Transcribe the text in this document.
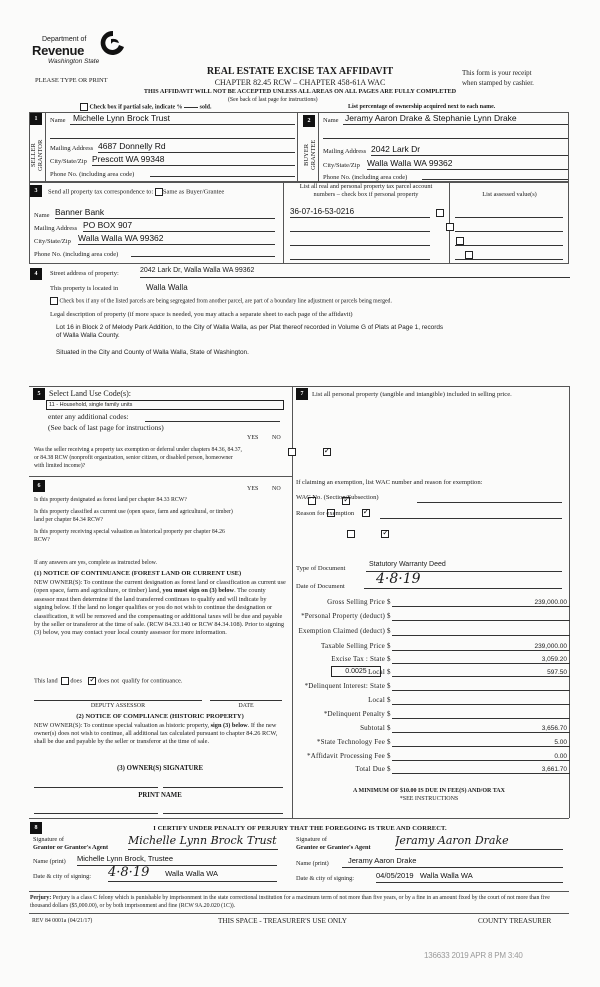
Department of
Revenue
Washington State
PLEASE TYPE OR PRINT
REAL ESTATE EXCISE TAX AFFIDAVIT
CHAPTER 82.45 RCW – CHAPTER 458-61A WAC
This form is your receipt
when stamped by cashier.
THIS AFFIDAVIT WILL NOT BE ACCEPTED UNLESS ALL AREAS ON ALL PAGES ARE FULLY COMPLETED
(See back of last page for instructions)
Check box if partial sale, indicate %	sold.	List percentage of ownership acquired next to each name.
1
SELLER
GRANTOR
Name Michelle Lynn Brock Trust
Mailing Address 4687 Donnelly Rd
City/State/Zip Prescott WA 99348
Phone No. (including area code)
2
BUYER
GRANTEE
Name Jeramy Aaron Drake & Stephanie Lynn Drake
Mailing Address 2042 Lark Dr
City/State/Zip Walla Walla WA 99362
Phone No. (including area code)
3	Send all property tax correspondence to: Same as Buyer/Grantee
Name Banner Bank
Mailing Address PO BOX 907
City/State/Zip Walla Walla WA 99362
Phone No. (including area code)
List all real and personal property tax parcel account
numbers – check box if personal property	List assessed value(s)
36-07-16-53-0216

4	Street address of property:	2042 Lark Dr, Walla Walla WA 99362
This property is located in	Walla Walla
Check box if any of the listed parcels are being segregated from another parcel, are part of a boundary line adjustment or parcels being merged.
Legal description of property (if more space is needed, you may attach a separate sheet to each page of the affidavit)
Lot 16 in Block 2 of Melody Park Addition, to the City of Walla Walla, as per Plat thereof recorded in Volume G of Plats at Page 1, records
of Walla Walla County.
Situated in the City and County of Walla Walla, State of Washington.
5	Select Land Use Code(s):
11 - Household, single family units
enter any additional codes:
(See back of last page for instructions)
YES NO
Was the seller receiving a property tax exemption or deferral under chapters 84.36, 84.37, or 84.38 RCW (nonprofit organization, senior citizen, or disabled person, homeowner with limited income)?
✓
6	YES NO
Is this property designated as forest land per chapter 84.33 RCW?
✓
Is this property classified as current use (open space, farm and agricultural, or timber) land per chapter 84.34 RCW?
✓
Is this property receiving special valuation as historical property per chapter 84.26 RCW?
✓
If any answers are yes, complete as instructed below.
(1) NOTICE OF CONTINUANCE (FOREST LAND OR CURRENT USE)
NEW OWNER(S): To continue the current designation as forest land or classification as current use (open space, farm and agriculture, or timber) land, you must sign on (3) below. The county assessor must then determine if the land transferred continues to qualify and will indicate by signing below. If the land no longer qualifies or you do not wish to continue the designation or classification, it will be removed and the compensating or additional taxes will be due and payable by the seller or transferor at the time of sale. (RCW 84.33.140 or RCW 84.34.108). Prior to signing (3) below, you may contact your local county assessor for more information.
This land does ✓	does not qualify for continuance.
DEPUTY ASSESSOR	DATE
(2) NOTICE OF COMPLIANCE (HISTORIC PROPERTY)
NEW OWNER(S): To continue special valuation as historic property, sign (3) below. If the new owner(s) does not wish to continue, all additional tax calculated pursuant to chapter 84.26 RCW, shall be due and payable by the seller or transferor at the time of sale.
(3) OWNER(S) SIGNATURE
PRINT NAME
7	List all personal property (tangible and intangible) included in selling price.
If claiming an exemption, list WAC number and reason for exemption:
WAC No. (Section/Subsection)
Reason for exemption
Type of Document
Statutory Warranty Deed
Date of Document	4·8·19
Gross Selling Price $	239,000.00
*Personal Property (deduct) $
Exemption Claimed (deduct) $
Taxable Selling Price $	239,000.00
Excise Tax : State $	3,059.20
0.0025 Local $	597.50
*Delinquent Interest: State $
Local $
*Delinquent Penalty $
Subtotal $	3,656.70
*State Technology Fee $	5.00
*Affidavit Processing Fee $	0.00
Total Due $	3,661.70
A MINIMUM OF $10.00 IS DUE IN FEE(S) AND/OR TAX
*SEE INSTRUCTIONS
8	I CERTIFY UNDER PENALTY OF PERJURY THAT THE FOREGOING IS TRUE AND CORRECT.
Signature of
Grantor or Grantor's Agent
Michelle Lynn Brock Trust
Name (print) Michelle Lynn Brock, Trustee
Date & city of signing: 4·8·19 Walla Walla WA
Signature of
Grantee or Grantee's Agent
Jeramy Aaron Drake
Name (print)	Jeramy Aaron Drake
Date & city of signing:	04/05/2019 Walla Walla WA
Perjury: Perjury is a class C felony which is punishable by imprisonment in the state correctional institution for a maximum term of not more than five years, or by a fine in an amount fixed by the court of not more than five thousand dollars ($5,000.00), or by both imprisonment and fine (RCW 9A.20.020 (1C)).
REV 84 0001a (04/21/17)	THIS SPACE - TREASURER'S USE ONLY	COUNTY TREASURER
136633 2019 APR 8 PM 3:40
